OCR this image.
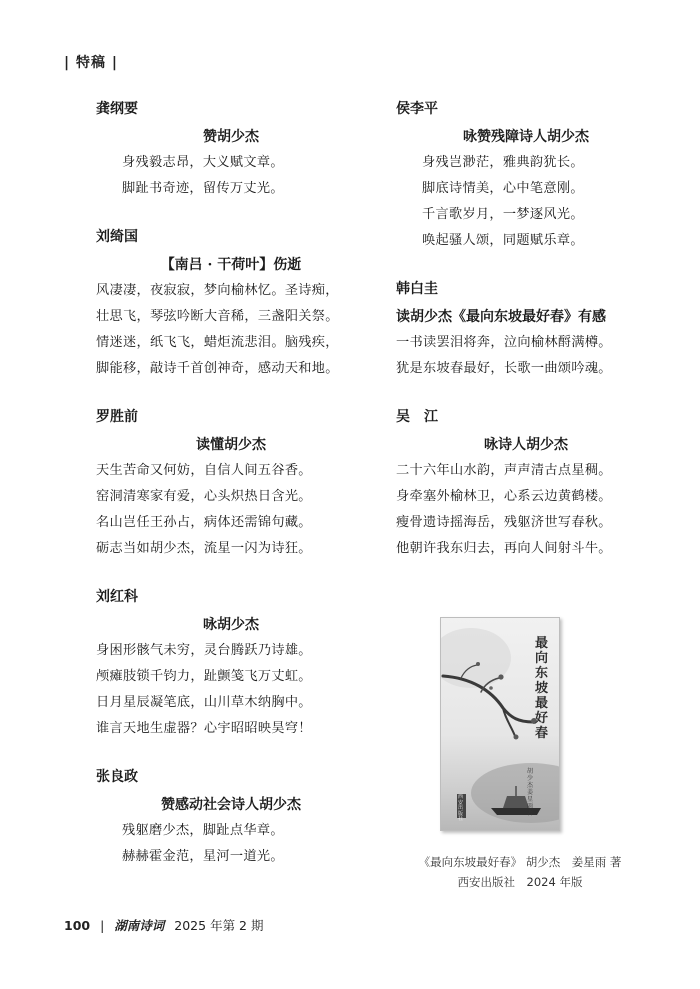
| 特稿 |
龚纲要
赞胡少杰
身残毅志昂，大义赋文章。
脚趾书奇迹，留传万丈光。
刘绮国
【南吕 · 干荷叶】伤逝
风凄凄，夜寂寂，梦向榆林忆。圣诗痴，
壮思飞，琴弦吟断大音稀，三盏阳关祭。
情迷迷，纸飞飞，蜡炬流悲泪。脑残疾，
脚能移，敲诗千首创神奇，感动天和地。
罗胜前
读懂胡少杰
天生苦命又何妨，自信人间五谷香。
窑洞清寒家有爱，心头炽热日含光。
名山岂任王孙占，病体还需锦句藏。
砺志当如胡少杰，流星一闪为诗狂。
刘红科
咏胡少杰
身困形骸气未穷，灵台腾跃乃诗雄。
颅瘫肢锁千钧力，趾颤笺飞万丈虹。
日月星辰凝笔底，山川草木纳胸中。
谁言天地生虚器？心宇昭昭映昊穹！
张良政
赞感动社会诗人胡少杰
残躯磨少杰，脚趾点华章。
赫赫霍金范，星河一道光。
侯李平
咏赞残障诗人胡少杰
身残岂渺茫，雅典韵犹长。
脚底诗情美，心中笔意刚。
千言歌岁月，一梦逐风光。
唤起骚人颂，同题赋乐章。
韩白圭
读胡少杰《最向东坡最好春》有感
一书读罢泪将奔，泣向榆林酹满樽。
犹是东坡春最好，长歌一曲颂吟魂。
吴　江
咏诗人胡少杰
二十六年山水韵，声声清古点星稠。
身牵塞外榆林卫，心系云边黄鹤楼。
瘦骨遗诗摇海岳，残躯济世写春秋。
他朝许我东归去，再向人间射斗牛。
最向东坡最好春
胡少杰 姜星雨 著
西安出版社
《最向东坡最好春》 胡少杰　姜星雨 著
西安出版社　2024 年版
100 | 湖南诗词 2025 年第 2 期
